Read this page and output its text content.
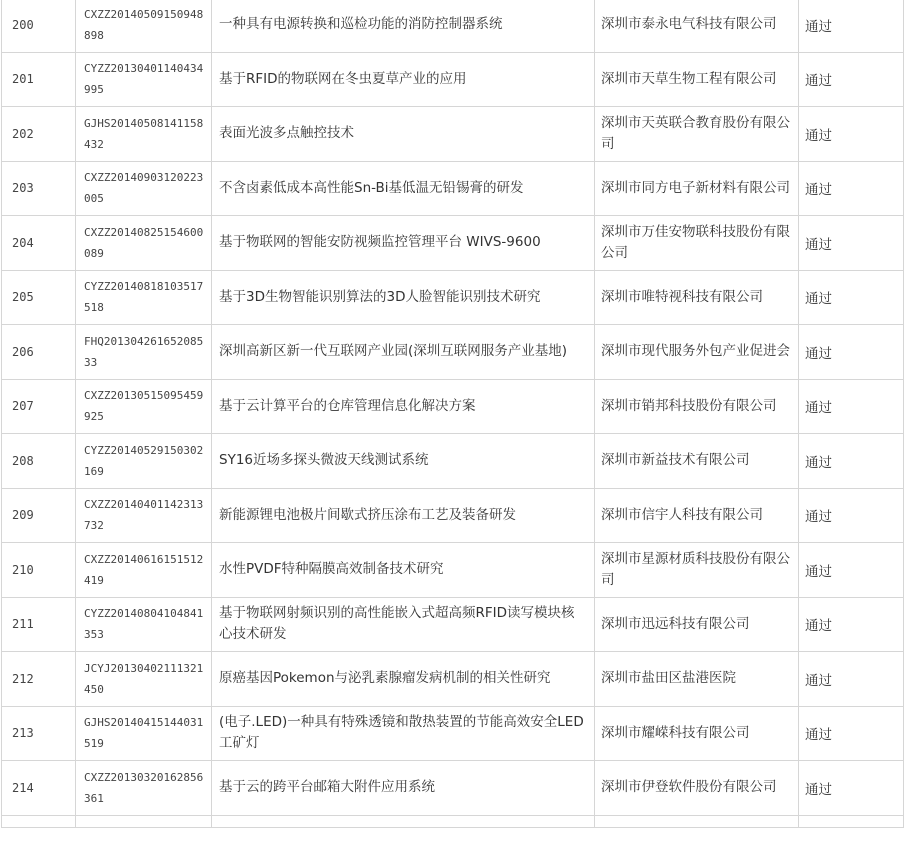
200	CXZZ20140509150948898	一种具有电源转换和巡检功能的消防控制器系统	深圳市泰永电气科技有限公司	通过
201	CYZZ20130401140434995	基于RFID的物联网在冬虫夏草产业的应用	深圳市天草生物工程有限公司	通过
202	GJHS20140508141158432	表面光波多点触控技术	深圳市天英联合教育股份有限公司	通过
203	CXZZ20140903120223005	不含卤素低成本高性能Sn-Bi基低温无铅锡膏的研发	深圳市同方电子新材料有限公司	通过
204	CXZZ20140825154600089	基于物联网的智能安防视频监控管理平台 WIVS-9600	深圳市万佳安物联科技股份有限公司	通过
205	CYZZ20140818103517518	基于3D生物智能识别算法的3D人脸智能识别技术研究	深圳市唯特视科技有限公司	通过
206	FHQ20130426165208533	深圳高新区新一代互联网产业园(深圳互联网服务产业基地)	深圳市现代服务外包产业促进会	通过
207	CXZZ20130515095459925	基于云计算平台的仓库管理信息化解决方案	深圳市销邦科技股份有限公司	通过
208	CYZZ20140529150302169	SY16近场多探头微波天线测试系统	深圳市新益技术有限公司	通过
209	CXZZ20140401142313732	新能源锂电池极片间歇式挤压涂布工艺及装备研发	深圳市信宇人科技有限公司	通过
210	CXZZ20140616151512419	水性PVDF特种隔膜高效制备技术研究	深圳市星源材质科技股份有限公司	通过
211	CYZZ20140804104841353	基于物联网射频识别的高性能嵌入式超高频RFID读写模块核心技术研发	深圳市迅远科技有限公司	通过
212	JCYJ20130402111321450	原癌基因Pokemon与泌乳素腺瘤发病机制的相关性研究	深圳市盐田区盐港医院	通过
213	GJHS20140415144031519	(电子.LED)一种具有特殊透镜和散热装置的节能高效安全LED工矿灯	深圳市耀嵘科技有限公司	通过
214	CXZZ20130320162856361	基于云的跨平台邮箱大附件应用系统	深圳市伊登软件股份有限公司	通过
